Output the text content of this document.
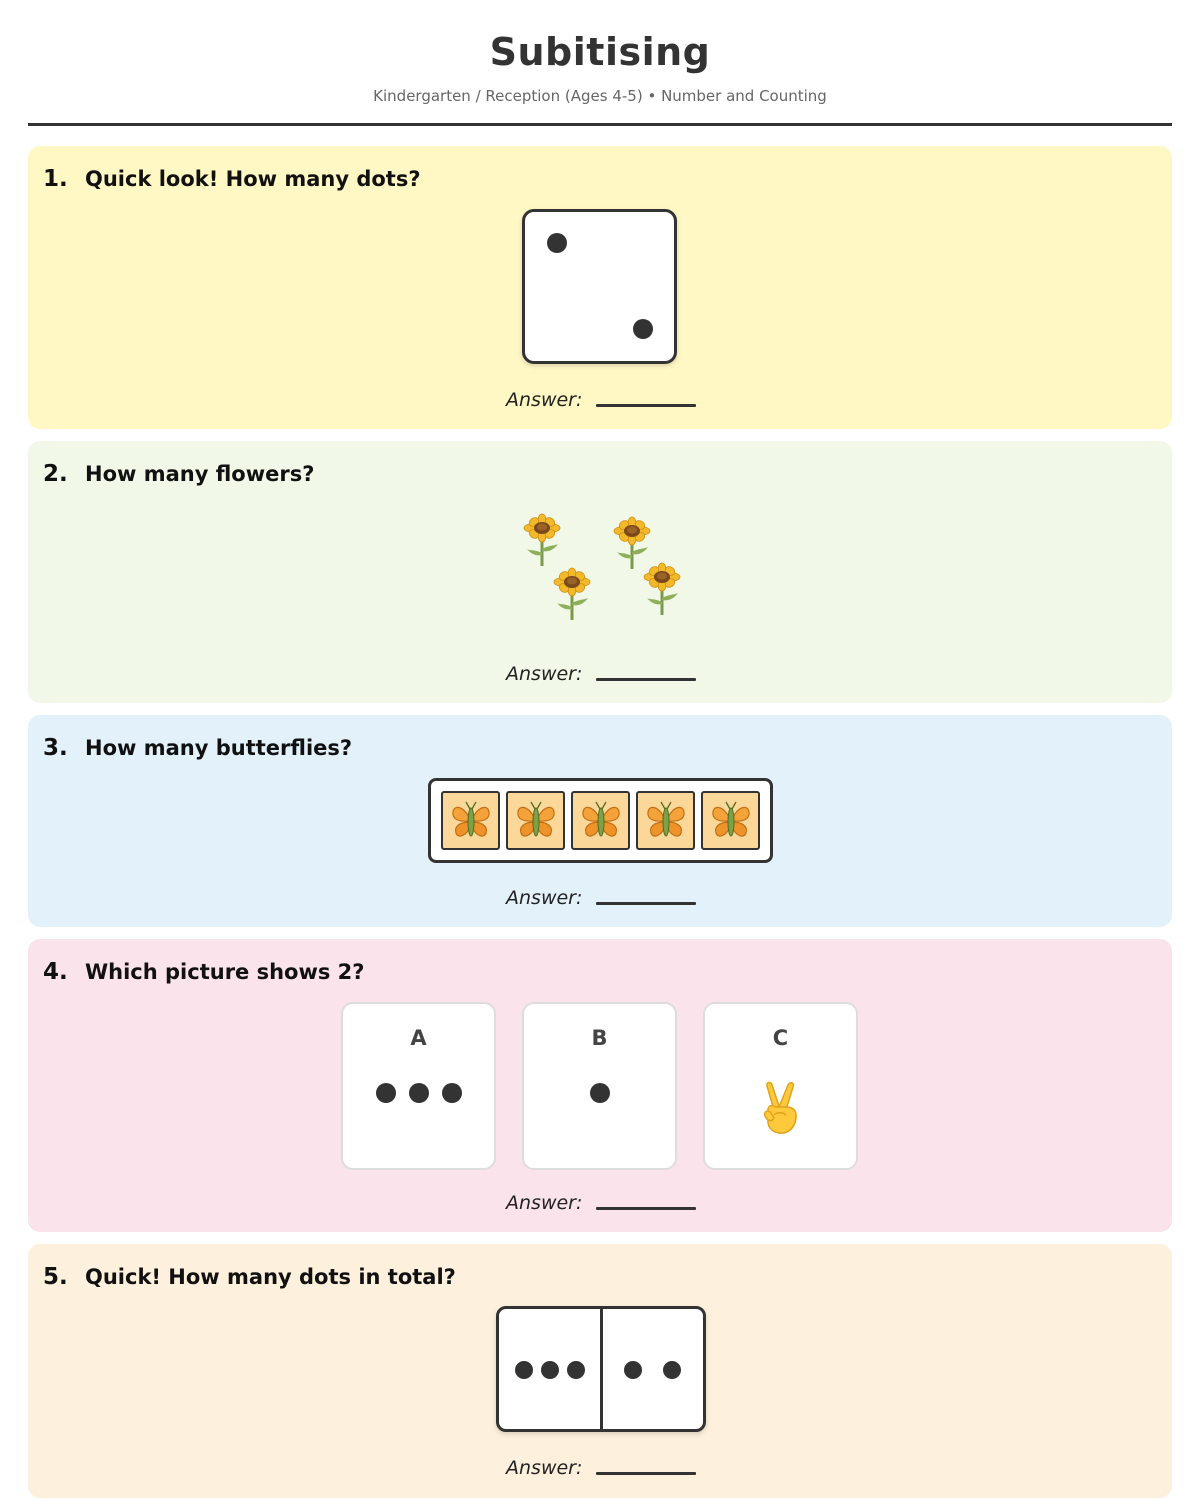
Subitising
Kindergarten / Reception (Ages 4-5) • Number and Counting
1. Quick look! How many dots?
Answer:
2. How many flowers?
Answer:
3. How many butterflies?
Answer:
4. Which picture shows 2?
A	B	C
Answer:
5. Quick! How many dots in total?
Answer:
